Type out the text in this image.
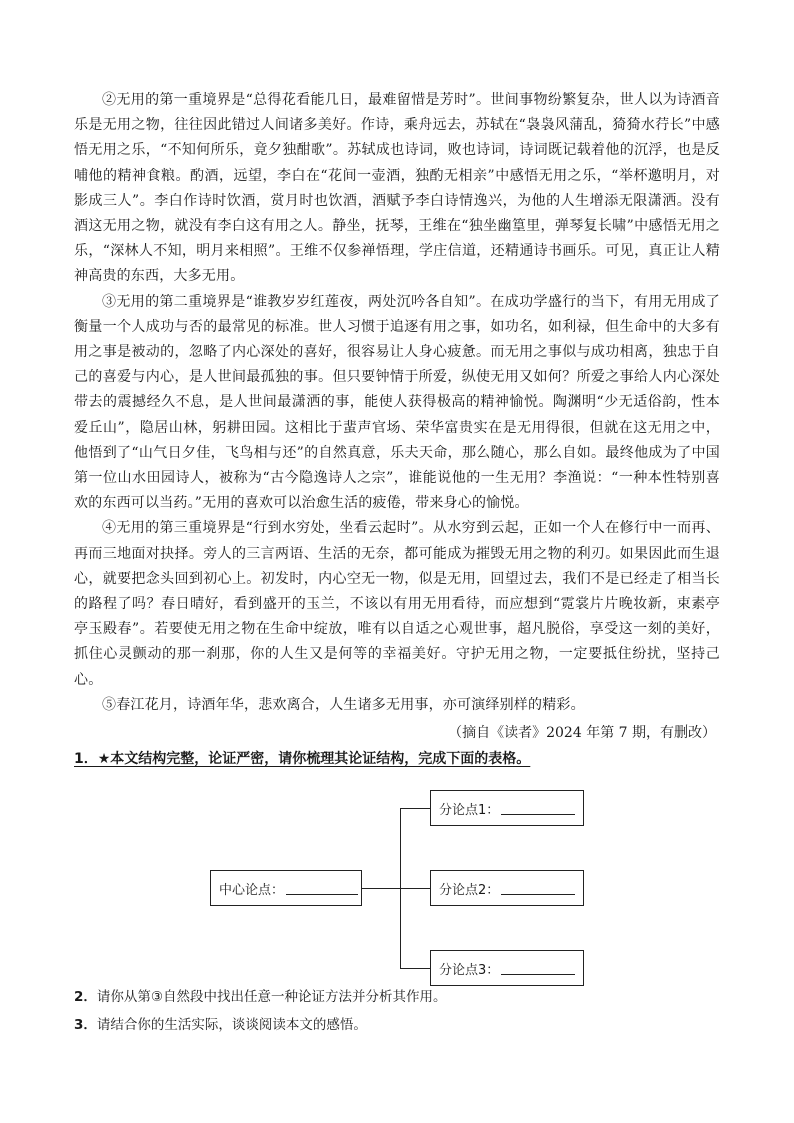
②无用的第一重境界是“总得花看能几日，最难留惜是芳时”。世间事物纷繁复杂，世人以为诗酒音乐是无用之物，往往因此错过人间诸多美好。作诗，乘舟远去，苏轼在“袅袅风蒲乱，猗猗水荇长”中感悟无用之乐，“不知何所乐，竟夕独酣歌”。苏轼成也诗词，败也诗词，诗词既记载着他的沉浮，也是反哺他的精神食粮。酌酒，远望，李白在“花间一壶酒，独酌无相亲”中感悟无用之乐，“举杯邀明月，对影成三人”。李白作诗时饮酒，赏月时也饮酒，酒赋予李白诗情逸兴，为他的人生增添无限潇洒。没有酒这无用之物，就没有李白这有用之人。静坐，抚琴，王维在“独坐幽篁里，弹琴复长啸”中感悟无用之乐，“深林人不知，明月来相照”。王维不仅参禅悟理，学庄信道，还精通诗书画乐。可见，真正让人精神高贵的东西，大多无用。

③无用的第二重境界是“谁教岁岁红莲夜，两处沉吟各自知”。在成功学盛行的当下，有用无用成了衡量一个人成功与否的最常见的标准。世人习惯于追逐有用之事，如功名，如利禄，但生命中的大多有用之事是被动的，忽略了内心深处的喜好，很容易让人身心疲惫。而无用之事似与成功相离，独忠于自己的喜爱与内心，是人世间最孤独的事。但只要钟情于所爱，纵使无用又如何？所爱之事给人内心深处带去的震撼经久不息，是人世间最潇洒的事，能使人获得极高的精神愉悦。陶渊明“少无适俗韵，性本爱丘山”，隐居山林，躬耕田园。这相比于蜚声官场、荣华富贵实在是无用得很，但就在这无用之中，他悟到了“山气日夕佳，飞鸟相与还”的自然真意，乐夫天命，那么随心，那么自如。最终他成为了中国第一位山水田园诗人，被称为“古今隐逸诗人之宗”，谁能说他的一生无用？李渔说：“一种本性特别喜欢的东西可以当药。”无用的喜欢可以治愈生活的疲倦，带来身心的愉悦。

④无用的第三重境界是“行到水穷处，坐看云起时”。从水穷到云起，正如一个人在修行中一而再、再而三地面对抉择。旁人的三言两语、生活的无奈，都可能成为摧毁无用之物的利刃。如果因此而生退心，就要把念头回到初心上。初发时，内心空无一物，似是无用，回望过去，我们不是已经走了相当长的路程了吗？春日晴好，看到盛开的玉兰，不该以有用无用看待，而应想到“霓裳片片晚妆新，束素亭亭玉殿春”。若要使无用之物在生命中绽放，唯有以自适之心观世事，超凡脱俗，享受这一刻的美好，抓住心灵颤动的那一刹那，你的人生又是何等的幸福美好。守护无用之物，一定要抵住纷扰，坚持己心。

⑤春江花月，诗酒年华，悲欢离合，人生诸多无用事，亦可演绎别样的精彩。

（摘自《读者》2024 年第 7 期，有删改）
1．★本文结构完整，论证严密，请你梳理其论证结构，完成下面的表格。
中心论点：
分论点1：
分论点2：
分论点3：
2．请你从第③自然段中找出任意一种论证方法并分析其作用。
3．请结合你的生活实际，谈谈阅读本文的感悟。
